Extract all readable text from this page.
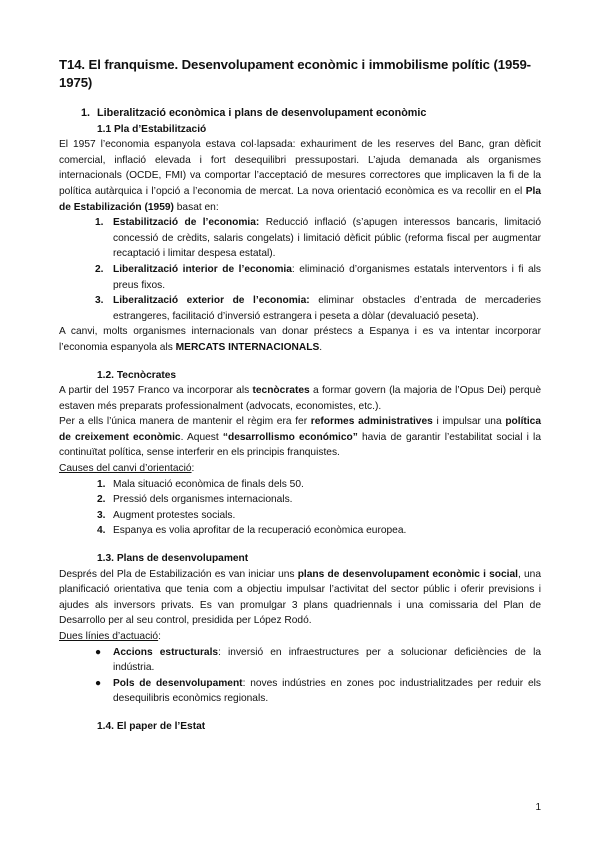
T14. El franquisme. Desenvolupament econòmic i immobilisme polític (1959-1975)
1. Liberalització econòmica i plans de desenvolupament econòmic
1.1 Pla d’Estabilització

El 1957 l’economia espanyola estava col·lapsada: exhauriment de les reserves del Banc, gran dèficit comercial, inflació elevada i fort desequilibri pressupostari. L’ajuda demanada als organismes internacionals (OCDE, FMI) va comportar l’acceptació de mesures correctores que implicaven la fi de la política autàrquica i l’opció a l’economia de mercat. La nova orientació econòmica es va recollir en el Pla de Estabilización (1959) basat en:

1. Estabilització de l’economia: Reducció inflació (s’apugen interessos bancaris, limitació concessió de crèdits, salaris congelats) i limitació dèficit públic (reforma fiscal per augmentar recaptació i limitar despesa estatal).
2. Liberalització interior de l’economia: eliminació d’organismes estatals interventors i fi als preus fixos.
3. Liberalització exterior de l’economia: eliminar obstacles d’entrada de mercaderies estrangeres, facilitació d’inversió estrangera i peseta a dòlar (devaluació peseta).

A canvi, molts organismes internacionals van donar préstecs a Espanya i es va intentar incorporar l’economia espanyola als MERCATS INTERNACIONALS.

1.2. Tecnòcrates

A partir del 1957 Franco va incorporar als tecnòcrates a formar govern (la majoria de l’Opus Dei) perquè estaven més preparats professionalment (advocats, economistes, etc.).

Per a ells l’única manera de mantenir el règim era fer reformes administratives i impulsar una política de creixement econòmic. Aquest “desarrollismo económico” havia de garantir l’estabilitat social i la continuïtat política, sense interferir en els principis franquistes.

Causes del canvi d’orientació:

1. Mala situació econòmica de finals dels 50.
2. Pressió dels organismes internacionals.
3. Augment protestes socials.
4. Espanya es volia aprofitar de la recuperació econòmica europea.
1.3. Plans de desenvolupament

Després del Pla de Estabilización es van iniciar uns plans de desenvolupament econòmic i social, una planificació orientativa que tenia com a objectiu impulsar l’activitat del sector públic i oferir previsions i ajudes als inversors privats. Es van promulgar 3 plans quadriennals i una comissaria del Plan de Desarrollo per al seu control, presidida per López Rodó.

Dues línies d’actuació:

● Accions estructurals: inversió en infraestructures per a solucionar deficiències de la indústria.
● Pols de desenvolupament: noves indústries en zones poc industrialitzades per reduir els desequilibris econòmics regionals.
1.4. El paper de l’Estat
1
